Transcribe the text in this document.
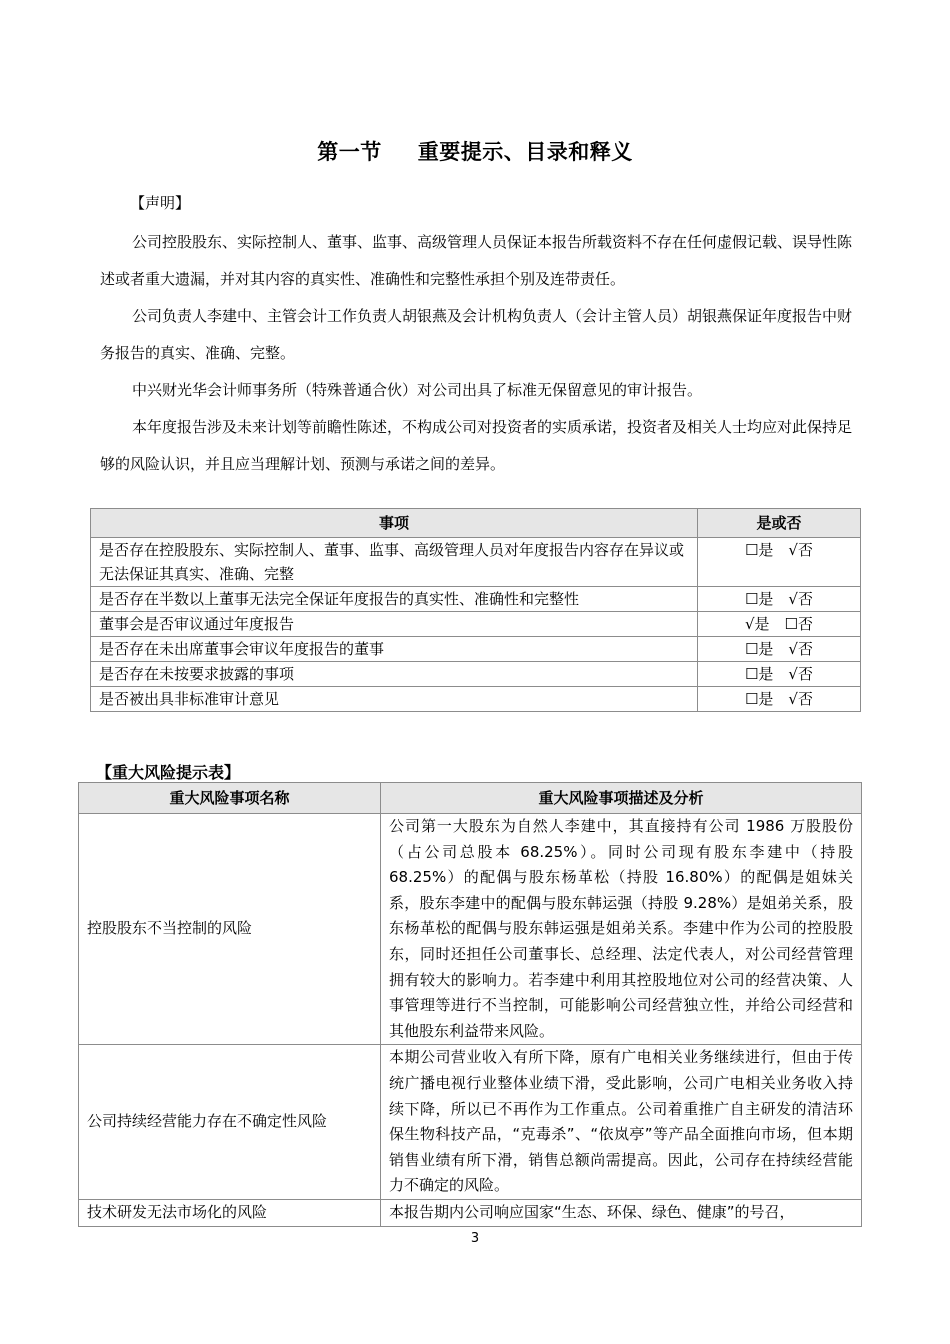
第一节 重要提示、目录和释义
【声明】

公司控股股东、实际控制人、董事、监事、高级管理人员保证本报告所载资料不存在任何虚假记载、误导性陈述或者重大遗漏，并对其内容的真实性、准确性和完整性承担个别及连带责任。

公司负责人李建中、主管会计工作负责人胡银燕及会计机构负责人（会计主管人员）胡银燕保证年度报告中财务报告的真实、准确、完整。

中兴财光华会计师事务所（特殊普通合伙）对公司出具了标准无保留意见的审计报告。

本年度报告涉及未来计划等前瞻性陈述，不构成公司对投资者的实质承诺，投资者及相关人士均应对此保持足够的风险认识，并且应当理解计划、预测与承诺之间的差异。

事项	是或否
是否存在控股股东、实际控制人、董事、监事、高级管理人员对年度报告内容存在异议或无法保证其真实、准确、完整	☐是　√否
是否存在半数以上董事无法完全保证年度报告的真实性、准确性和完整性	☐是　√否
董事会是否审议通过年度报告	√是　☐否
是否存在未出席董事会审议年度报告的董事	☐是　√否
是否存在未按要求披露的事项	☐是　√否
是否被出具非标准审计意见	☐是　√否
【重大风险提示表】
重大风险事项名称	重大风险事项描述及分析
控股股东不当控制的风险	公司第一大股东为自然人李建中，其直接持有公司 1986 万股股份（占公司总股本 68.25%）。同时公司现有股东李建中（持股 68.25%）的配偶与股东杨革松（持股 16.80%）的配偶是姐妹关系，股东李建中的配偶与股东韩运强（持股 9.28%）是姐弟关系，股东杨革松的配偶与股东韩运强是姐弟关系。李建中作为公司的控股股东，同时还担任公司董事长、总经理、法定代表人，对公司经营管理拥有较大的影响力。若李建中利用其控股地位对公司的经营决策、人事管理等进行不当控制，可能影响公司经营独立性，并给公司经营和其他股东利益带来风险。
公司持续经营能力存在不确定性风险	本期公司营业收入有所下降，原有广电相关业务继续进行，但由于传统广播电视行业整体业绩下滑，受此影响，公司广电相关业务收入持续下降，所以已不再作为工作重点。公司着重推广自主研发的清洁环保生物科技产品，“克毒杀”、“依岚亭”等产品全面推向市场，但本期销售业绩有所下滑，销售总额尚需提高。因此，公司存在持续经营能力不确定的风险。
技术研发无法市场化的风险	本报告期内公司响应国家“生态、环保、绿色、健康”的号召，
3
